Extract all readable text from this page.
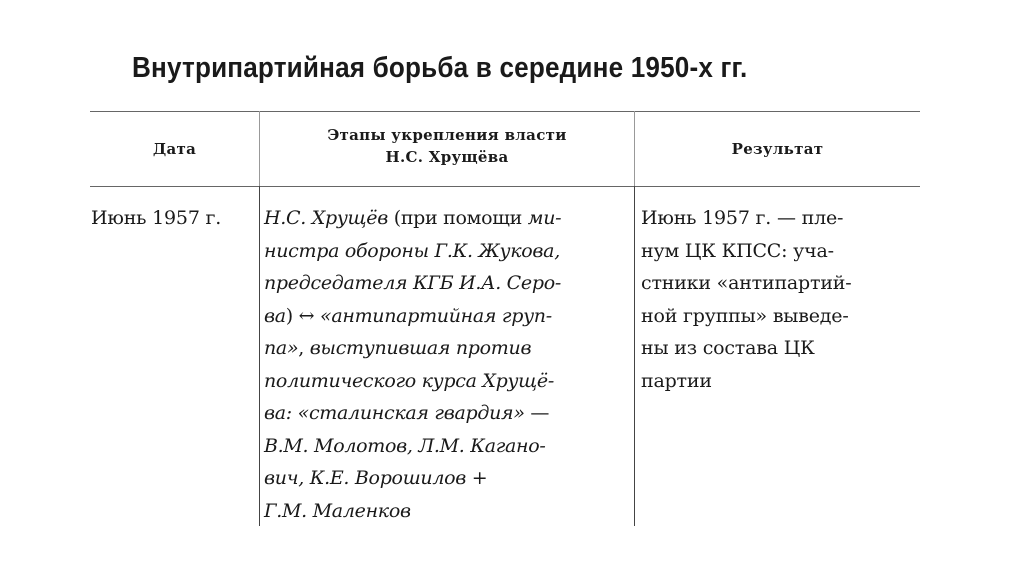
Внутрипартийная борьба в середине 1950-х гг.
Дата
Этапы укрепления власти
Н.С. Хрущёва	Результат
Июнь 1957 г. Н.С. Хрущёв (при помощи ми-
нистра обороны Г.К. Жукова,
председателя КГБ И.А. Серо-
ва) ↔ «антипартийная груп-
па», выступившая против
политического курса Хрущё-
ва: «сталинская гвардия» —
В.М. Молотов, Л.М. Кагано-
вич, К.Е. Ворошилов +
Г.М. Маленков
Июнь 1957 г. — пле-
нум ЦК КПСС: уча-
стники «антипартий-
ной группы» выведе-
ны из состава ЦК
партии
